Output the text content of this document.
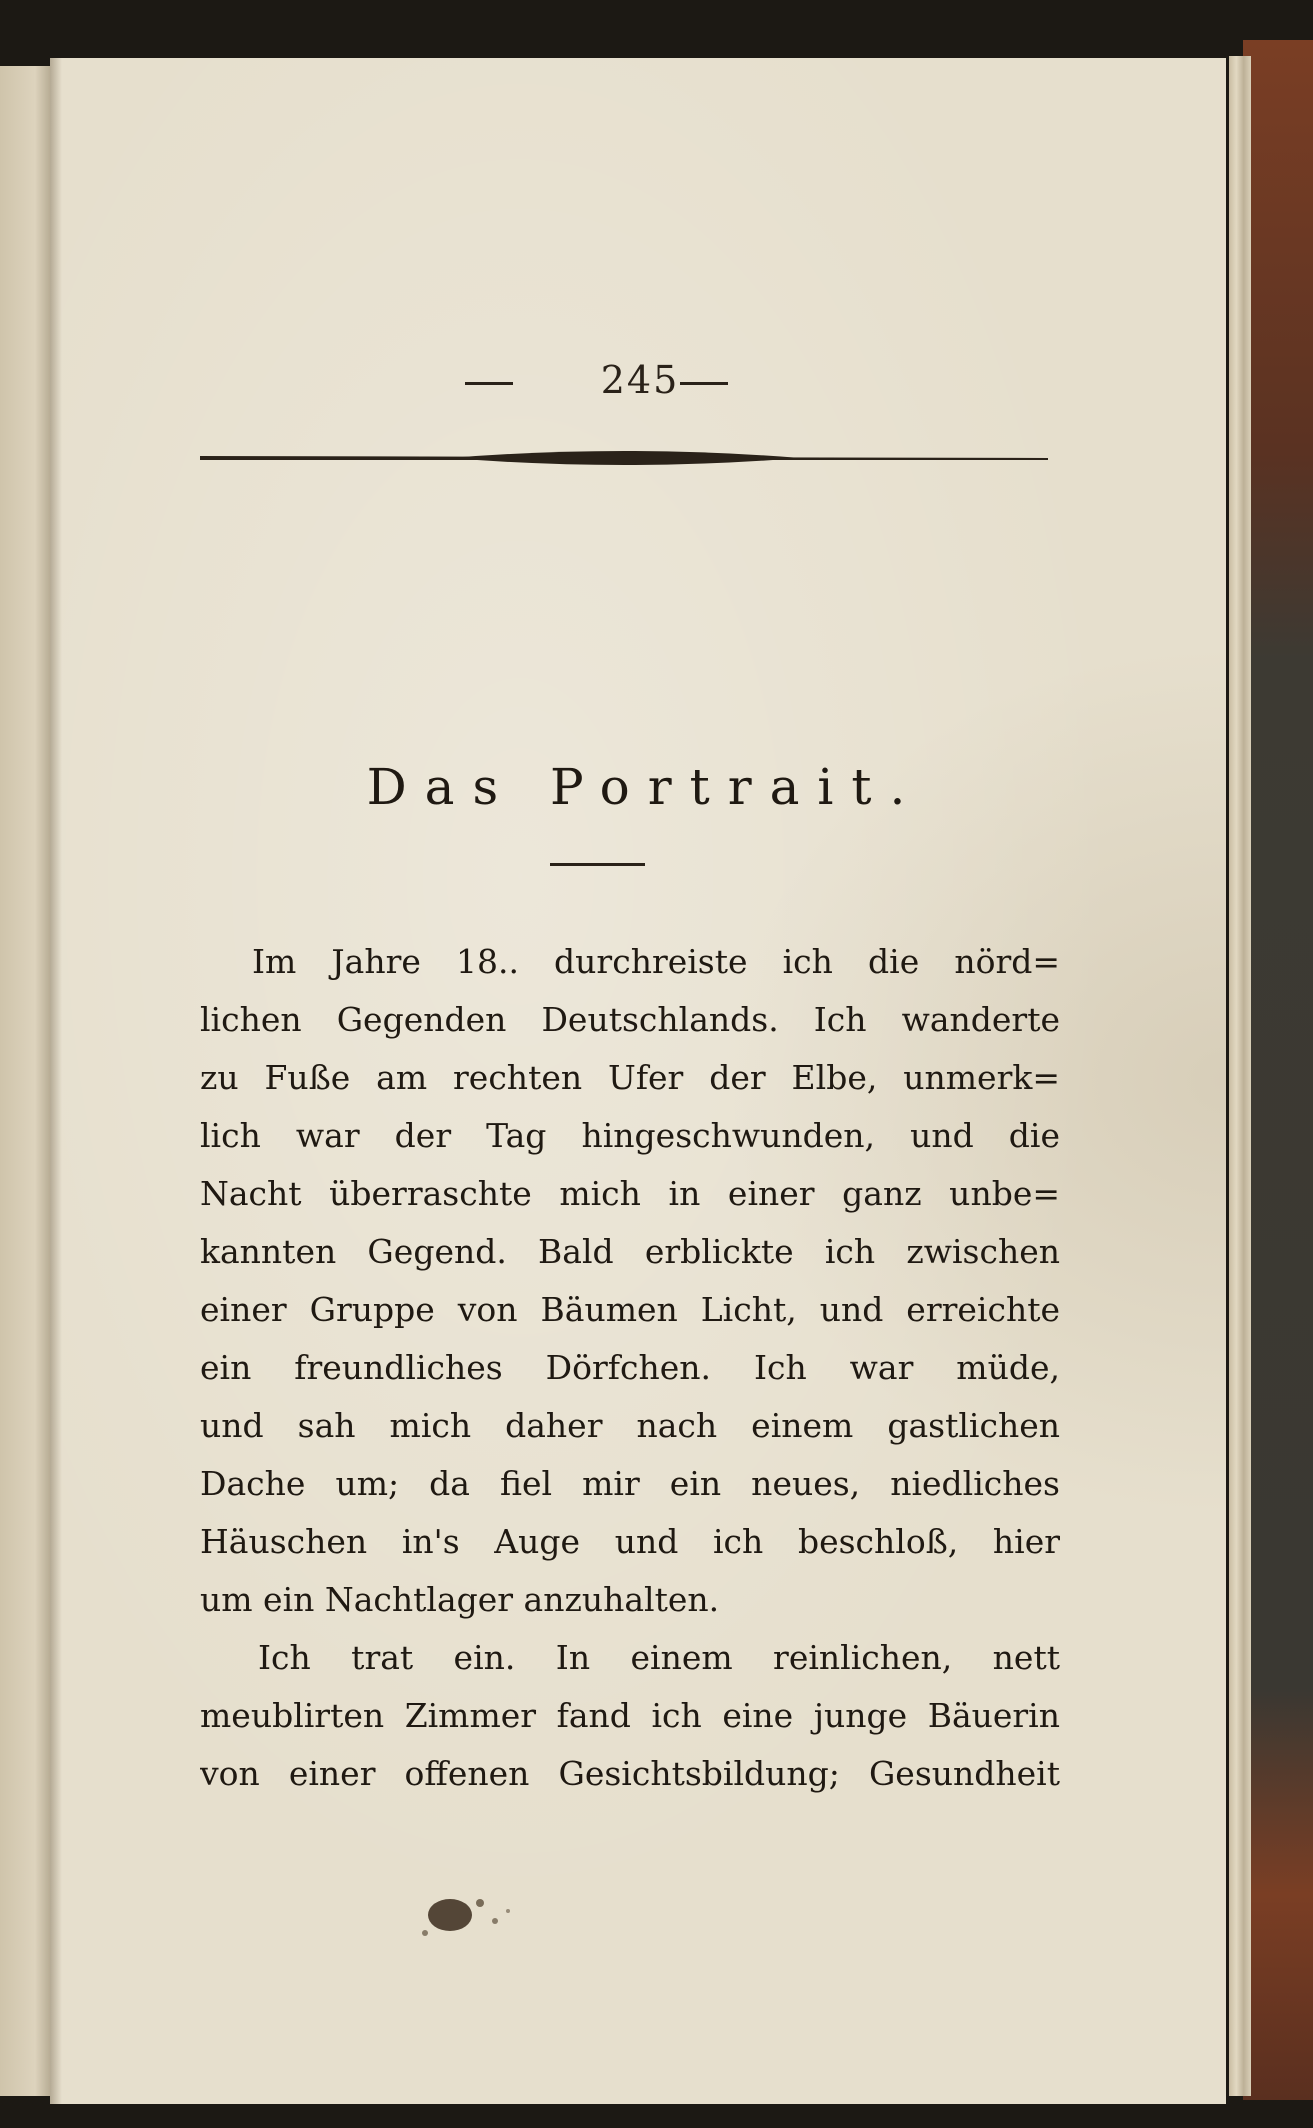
245
Das Portrait.
Im Jahre 18.. durchreiste ich die nörd=
lichen Gegenden Deutschlands. Ich wanderte
zu Fuße am rechten Ufer der Elbe, unmerk=
lich war der Tag hingeschwunden, und die
Nacht überraschte mich in einer ganz unbe=
kannten Gegend. Bald erblickte ich zwischen
einer Gruppe von Bäumen Licht, und erreichte
ein freundliches Dörfchen. Ich war müde,
und sah mich daher nach einem gastlichen
Dache um; da fiel mir ein neues, niedliches
Häuschen in's Auge und ich beschloß, hier
um ein Nachtlager anzuhalten.
Ich trat ein. In einem reinlichen, nett
meublirten Zimmer fand ich eine junge Bäuerin
von einer offenen Gesichtsbildung; Gesundheit
